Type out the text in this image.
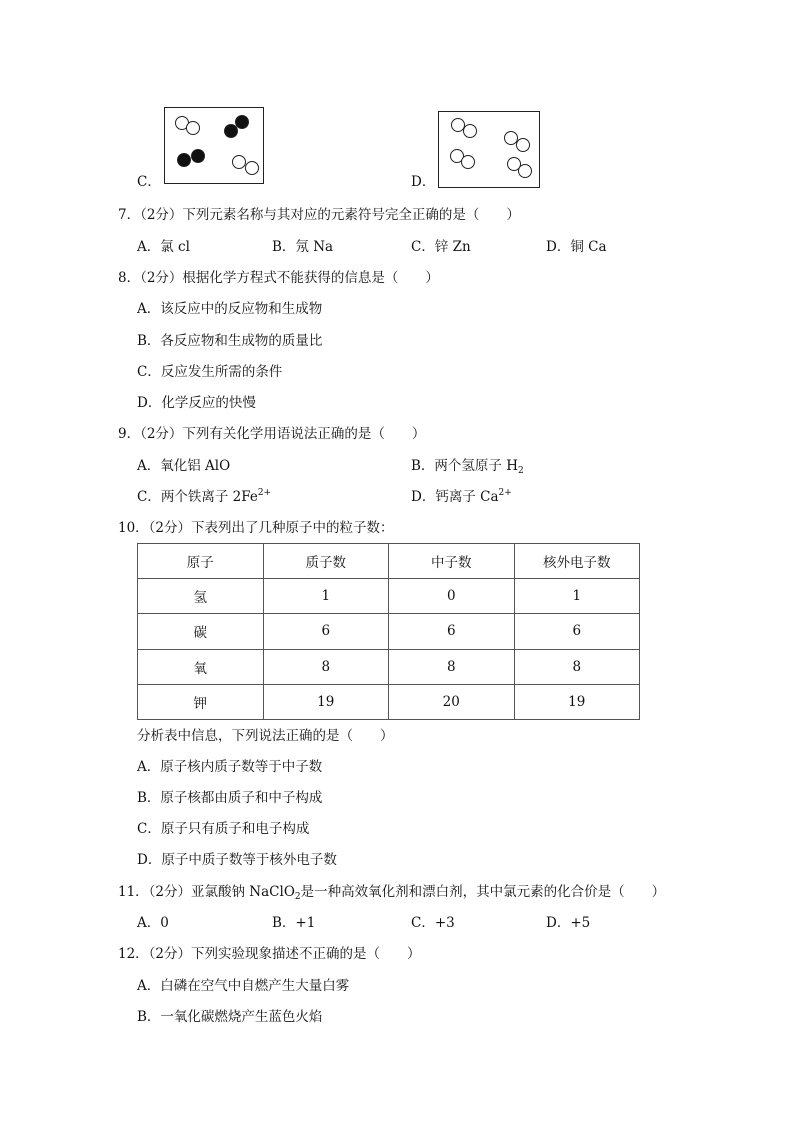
C．	D．
7．（2分）下列元素名称与其对应的元素符号完全正确的是（　　）
A．氯 cl	B．氖 Na	C．锌 Zn	D．铜 Ca
8．（2分）根据化学方程式不能获得的信息是（　　）
A．该反应中的反应物和生成物
B．各反应物和生成物的质量比
C．反应发生所需的条件
D．化学反应的快慢
9．（2分）下列有关化学用语说法正确的是（　　）
A．氧化铝 AlO	B．两个氢原子 $H_2$
C．两个铁离子 $2Fe^{2+}$	D．钙离子 $Ca^{2+}$
10．（2分）下表列出了几种原子中的粒子数：
原子	质子数	中子数	核外电子数
氢	1	0	1
碳	6	6	6
氧	8	8	8
钾	19	20	19
分析表中信息，下列说法正确的是（　　）
A．原子核内质子数等于中子数
B．原子核都由质子和中子构成
C．原子只有质子和电子构成
D．原子中质子数等于核外电子数
11．（2分）亚氯酸钠 NaClO$_2$是一种高效氧化剂和漂白剂，其中氯元素的化合价是（　　）
A．0	B．+1	C．+3	D．+5
12．（2分）下列实验现象描述不正确的是（　　）
A．白磷在空气中自燃产生大量白雾
B．一氧化碳燃烧产生蓝色火焰
